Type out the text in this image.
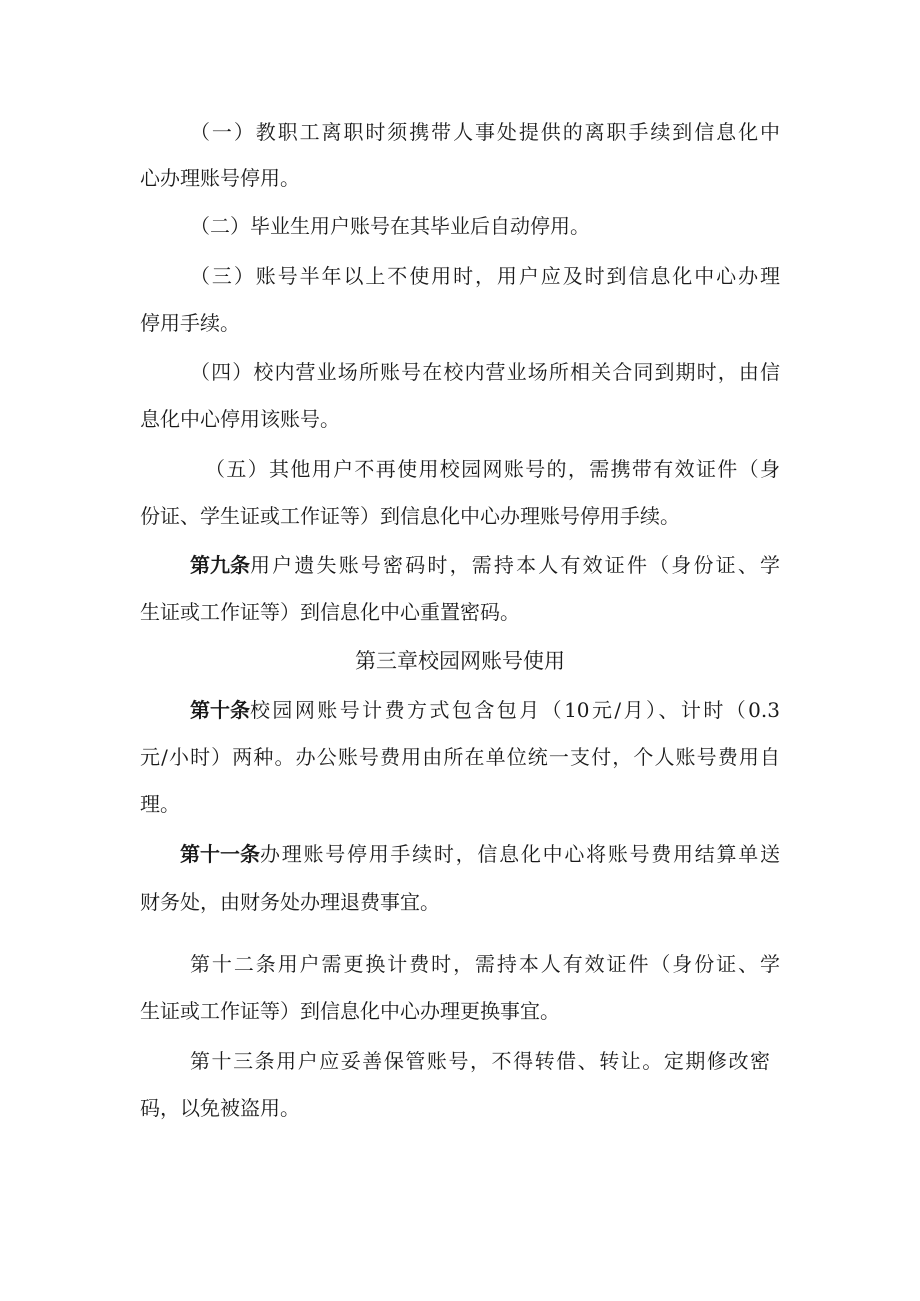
（一）教职工离职时须携带人事处提供的离职手续到信息化中
心办理账号停用。
（二）毕业生用户账号在其毕业后自动停用。
（三）账号半年以上不使用时，用户应及时到信息化中心办理
停用手续。
（四）校内营业场所账号在校内营业场所相关合同到期时，由信
息化中心停用该账号。
（五）其他用户不再使用校园网账号的，需携带有效证件（身
份证、学生证或工作证等）到信息化中心办理账号停用手续。
第九条 用户遗失账号密码时，需持本人有效证件（身份证、学
生证或工作证等）到信息化中心重置密码。
第三章校园网账号使用
第十条 校园网账号计费方式包含包月（10元/月）、计时（0.3
元/小时）两种。办公账号费用由所在单位统一支付，个人账号费用自
理。
第十一条 办理账号停用手续时，信息化中心将账号费用结算单送
财务处，由财务处办理退费事宜。
第十二条用户需更换计费时，需持本人有效证件（身份证、学
生证或工作证等）到信息化中心办理更换事宜。
第十三条用户应妥善保管账号，不得转借、转让。定期修改密
码，以免被盗用。
